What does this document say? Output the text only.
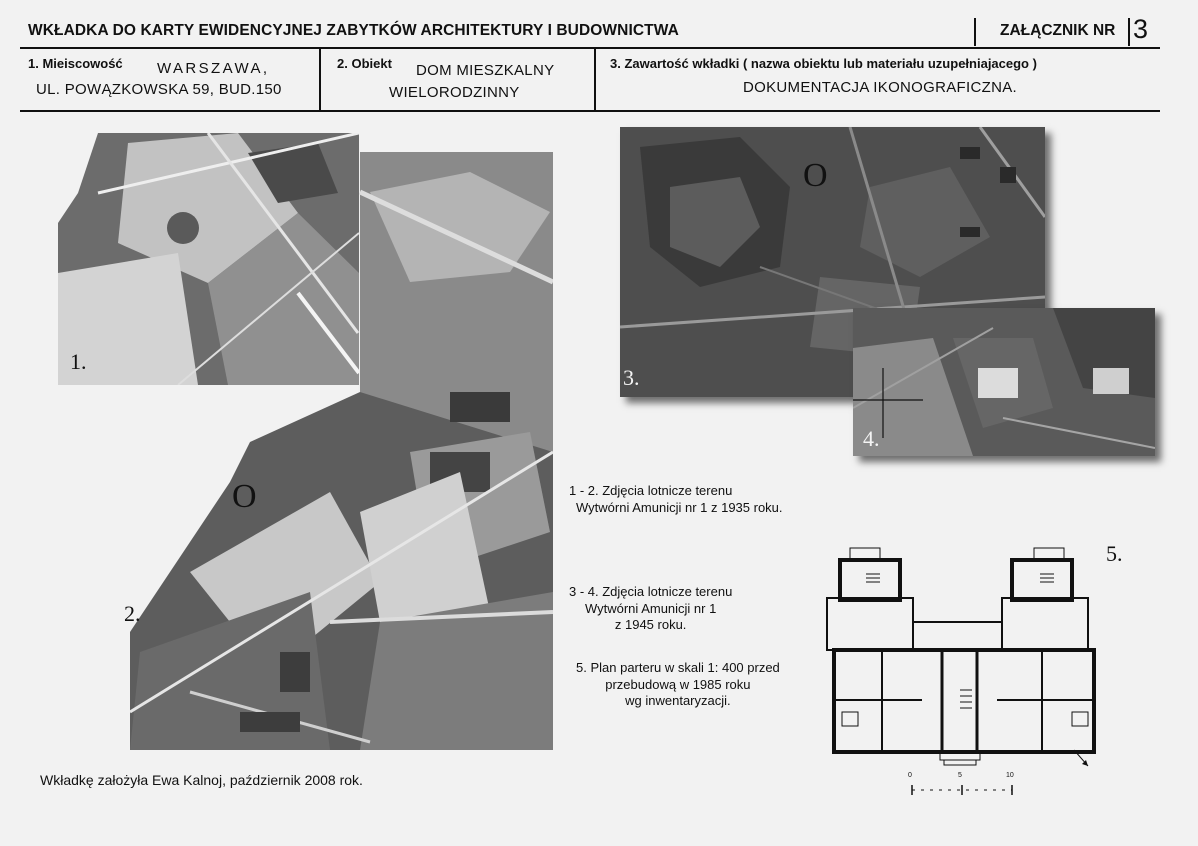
WKŁADKA DO KARTY EWIDENCYJNEJ ZABYTKÓW ARCHITEKTURY I BUDOWNICTWA	ZAŁĄCZNIK NR 3
1. Mieiscowość WARSZAWA,
UL. POWĄZKOWSKA 59, BUD.150
2. Obiekt DOM MIESZKALNY
WIELORODZINNY
3. Zawartość wkładki ( nazwa obiektu lub materiału uzupełniajacego )
DOKUMENTACJA IKONOGRAFICZNA.
O
2.
1.
O
3.
4.
1 - 2. Zdjęcia lotnicze terenu
Wytwórni Amunicji nr 1 z 1935 roku.
3 - 4. Zdjęcia lotnicze terenu
Wytwórni Amunicji nr 1
z 1945 roku.
5. Plan parteru w skali 1: 400 przed
przebudową w 1985 roku
wg inwentaryzacji.
5.
0	5	10
Wkładkę założyła Ewa Kalnoj, październik 2008 rok.
